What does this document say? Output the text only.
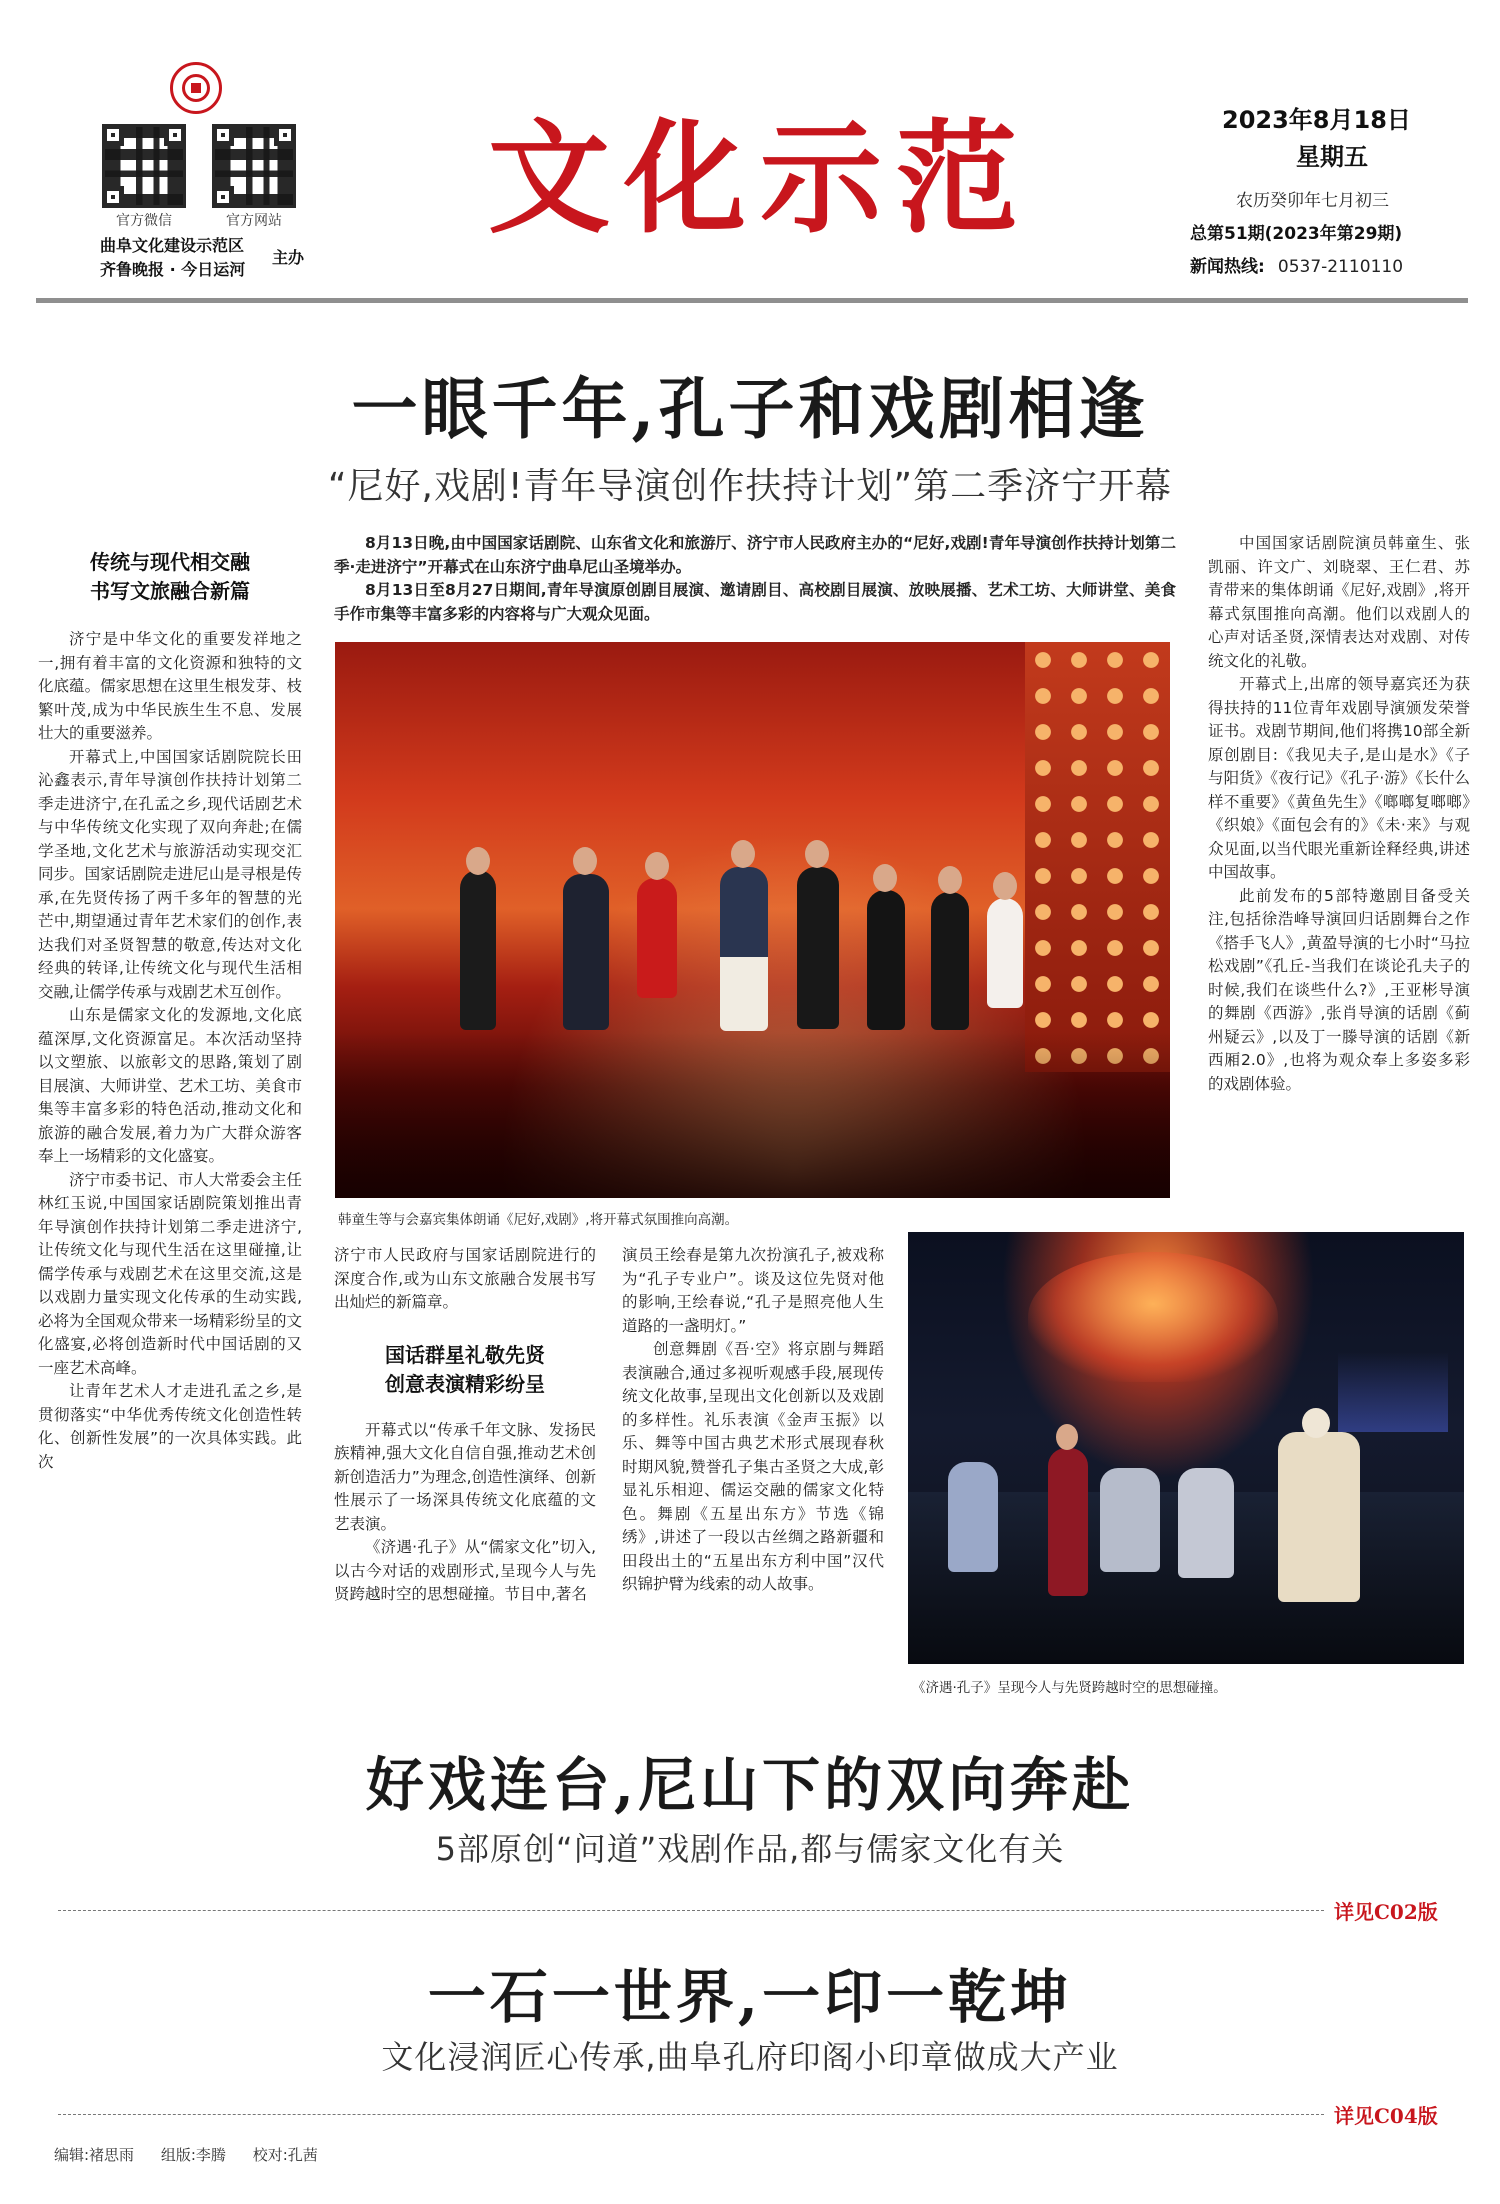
官方微信	官方网站
曲阜文化建设示范区
齐鲁晚报 · 今日运河
主办
文化示范	2023年8月18日
星期五
农历癸卯年七月初三
总第51期(2023年第29期)
新闻热线: 0537-2110110
一眼千年,孔子和戏剧相逢
“尼好,戏剧!青年导演创作扶持计划”第二季济宁开幕
传统与现代相交融
书写文旅融合新篇

济宁是中华文化的重要发祥地之一,拥有着丰富的文化资源和独特的文化底蕴。儒家思想在这里生根发芽、枝繁叶茂,成为中华民族生生不息、发展壮大的重要滋养。

开幕式上,中国国家话剧院院长田沁鑫表示,青年导演创作扶持计划第二季走进济宁,在孔孟之乡,现代话剧艺术与中华传统文化实现了双向奔赴;在儒学圣地,文化艺术与旅游活动实现交汇同步。国家话剧院走进尼山是寻根是传承,在先贤传扬了两千多年的智慧的光芒中,期望通过青年艺术家们的创作,表达我们对圣贤智慧的敬意,传达对文化经典的转译,让传统文化与现代生活相交融,让儒学传承与戏剧艺术互创作。

山东是儒家文化的发源地,文化底蕴深厚,文化资源富足。本次活动坚持以文塑旅、以旅彰文的思路,策划了剧目展演、大师讲堂、艺术工坊、美食市集等丰富多彩的特色活动,推动文化和旅游的融合发展,着力为广大群众游客奉上一场精彩的文化盛宴。

济宁市委书记、市人大常委会主任林红玉说,中国国家话剧院策划推出青年导演创作扶持计划第二季走进济宁,让传统文化与现代生活在这里碰撞,让儒学传承与戏剧艺术在这里交流,这是以戏剧力量实现文化传承的生动实践,必将为全国观众带来一场精彩纷呈的文化盛宴,必将创造新时代中国话剧的又一座艺术高峰。

让青年艺术人才走进孔孟之乡,是贯彻落实“中华优秀传统文化创造性转化、创新性发展”的一次具体实践。此次

8月13日晚,由中国国家话剧院、山东省文化和旅游厅、济宁市人民政府主办的“尼好,戏剧!青年导演创作扶持计划第二季·走进济宁”开幕式在山东济宁曲阜尼山圣境举办。

8月13日至8月27日期间,青年导演原创剧目展演、邀请剧目、高校剧目展演、放映展播、艺术工坊、大师讲堂、美食手作市集等丰富多彩的内容将与广大观众见面。

韩童生等与会嘉宾集体朗诵《尼好,戏剧》,将开幕式氛围推向高潮。

济宁市人民政府与国家话剧院进行的深度合作,或为山东文旅融合发展书写出灿烂的新篇章。

国话群星礼敬先贤
创意表演精彩纷呈

开幕式以“传承千年文脉、发扬民族精神,强大文化自信自强,推动艺术创新创造活力”为理念,创造性演绎、创新性展示了一场深具传统文化底蕴的文艺表演。

《济遇·孔子》从“儒家文化”切入,以古今对话的戏剧形式,呈现今人与先贤跨越时空的思想碰撞。节目中,著名

演员王绘春是第九次扮演孔子,被戏称为“孔子专业户”。谈及这位先贤对他的影响,王绘春说,“孔子是照亮他人生道路的一盏明灯。”

创意舞剧《吾·空》将京剧与舞蹈表演融合,通过多视听观感手段,展现传统文化故事,呈现出文化创新以及戏剧的多样性。礼乐表演《金声玉振》以乐、舞等中国古典艺术形式展现春秋时期风貌,赞誉孔子集古圣贤之大成,彰显礼乐相迎、儒运交融的儒家文化特色。舞剧《五星出东方》节选《锦绣》,讲述了一段以古丝绸之路新疆和田段出土的“五星出东方利中国”汉代织锦护臂为线索的动人故事。

中国国家话剧院演员韩童生、张凯丽、许文广、刘晓翠、王仁君、苏青带来的集体朗诵《尼好,戏剧》,将开幕式氛围推向高潮。他们以戏剧人的心声对话圣贤,深情表达对戏剧、对传统文化的礼敬。

开幕式上,出席的领导嘉宾还为获得扶持的11位青年戏剧导演颁发荣誉证书。戏剧节期间,他们将携10部全新原创剧目:《我见夫子,是山是水》《子与阳货》《夜行记》《孔子·游》《长什么样不重要》《黄鱼先生》《啷啷复啷啷》《织娘》《面包会有的》《未·来》与观众见面,以当代眼光重新诠释经典,讲述中国故事。

此前发布的5部特邀剧目备受关注,包括徐浩峰导演回归话剧舞台之作《搭手飞人》,黄盈导演的七小时“马拉松戏剧”《孔丘-当我们在谈论孔夫子的时候,我们在谈些什么?》,王亚彬导演的舞剧《西游》,张肖导演的话剧《蓟州疑云》,以及丁一滕导演的话剧《新西厢2.0》,也将为观众奉上多姿多彩的戏剧体验。

《济遇·孔子》呈现今人与先贤跨越时空的思想碰撞。
好戏连台,尼山下的双向奔赴
5部原创“问道”戏剧作品,都与儒家文化有关
详见C02版
一石一世界,一印一乾坤
文化浸润匠心传承,曲阜孔府印阁小印章做成大产业
详见C04版
编辑:褚思雨 组版:李腾 校对:孔茜
